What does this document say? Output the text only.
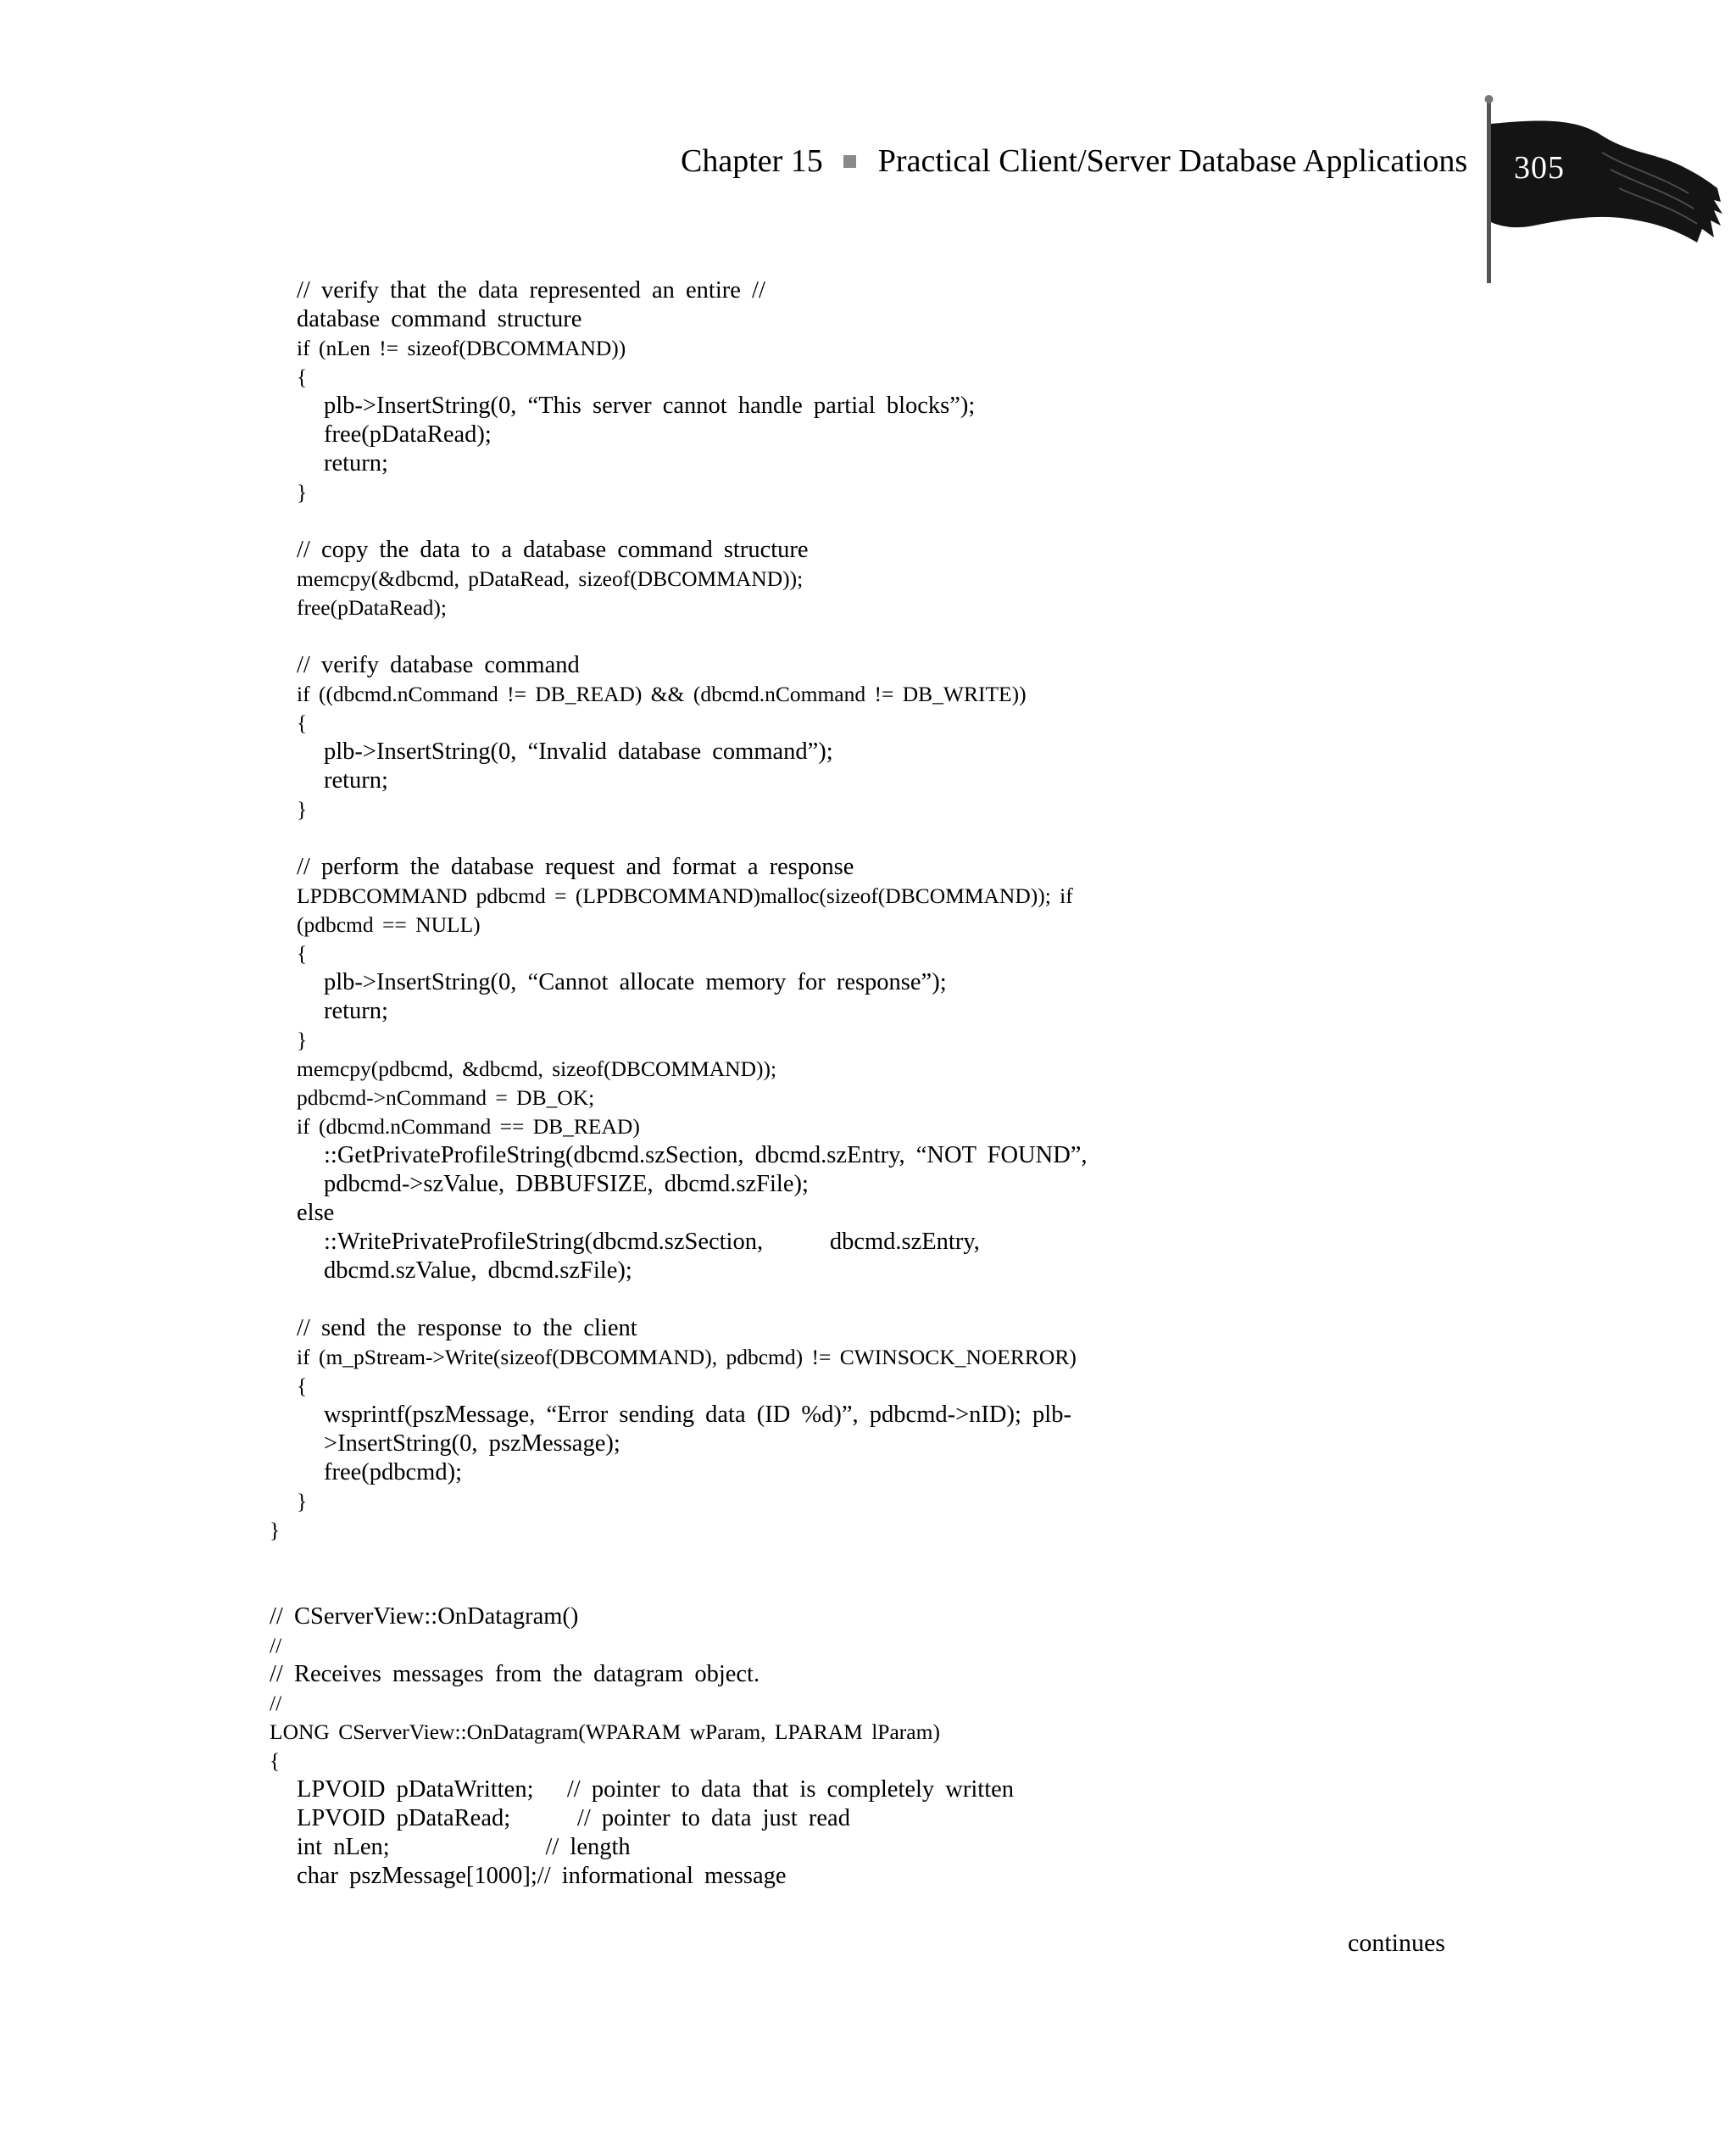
Chapter 15 Practical Client/Server Database Applications 305
// verify that the data represented an entire //
database command structure
if (nLen != sizeof(DBCOMMAND))
{
plb->InsertString(0, “This server cannot handle partial blocks”);
free(pDataRead);
return;
}
// copy the data to a database command structure
memcpy(&dbcmd, pDataRead, sizeof(DBCOMMAND));
free(pDataRead);
// verify database command
if ((dbcmd.nCommand != DB_READ) && (dbcmd.nCommand != DB_WRITE))
{
plb->InsertString(0, “Invalid database command”);
return;
}
// perform the database request and format a response
LPDBCOMMAND pdbcmd = (LPDBCOMMAND)malloc(sizeof(DBCOMMAND)); if
(pdbcmd == NULL)
{
plb->InsertString(0, “Cannot allocate memory for response”);
return;
}
memcpy(pdbcmd, &dbcmd, sizeof(DBCOMMAND));
pdbcmd->nCommand = DB_OK;
if (dbcmd.nCommand == DB_READ)
::GetPrivateProfileString(dbcmd.szSection, dbcmd.szEntry, “NOT FOUND”,
pdbcmd->szValue, DBBUFSIZE, dbcmd.szFile);
else
::WritePrivateProfileString(dbcmd.szSection,      dbcmd.szEntry,
dbcmd.szValue, dbcmd.szFile);
// send the response to the client
if (m_pStream->Write(sizeof(DBCOMMAND), pdbcmd) != CWINSOCK_NOERROR)
{
wsprintf(pszMessage, “Error sending data (ID %d)”, pdbcmd->nID); plb-
>InsertString(0, pszMessage);
free(pdbcmd);
}
}
// CServerView::OnDatagram()
//
// Receives messages from the datagram object.
//
LONG CServerView::OnDatagram(WPARAM wParam, LPARAM lParam)
{
LPVOID pDataWritten;   // pointer to data that is completely written
LPVOID pDataRead;      // pointer to data just read
int nLen;              // length
char pszMessage[1000];// informational message
continues
